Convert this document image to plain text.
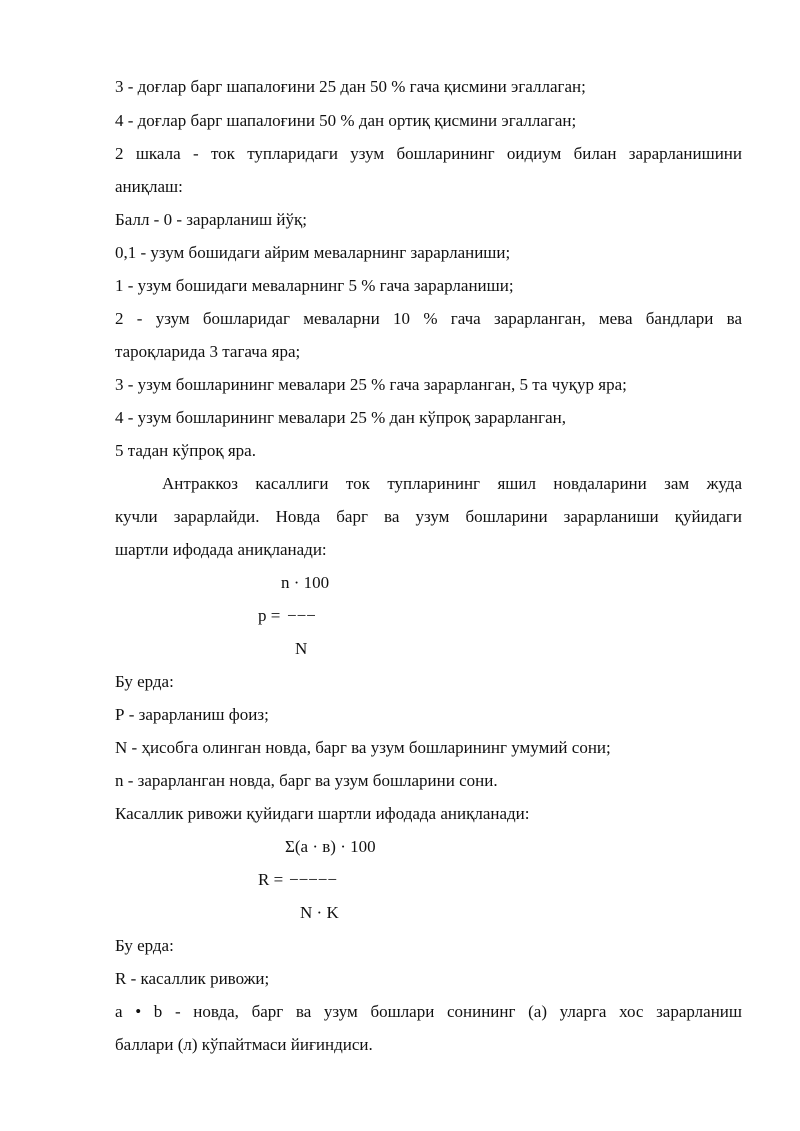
3 - доғлар барг шапалоғини 25 дан 50 % гача қисмини эгаллаган;
4 - доғлар барг шапалоғини 50 % дан ортиқ қисмини эгаллаган;
2 шкала - ток тупларидаги узум бошларининг оидиум билан зарарланишини
аниқлаш:
Балл - 0 - зарарланиш йўқ;
0,1 - узум бошидаги айрим меваларнинг зарарланиши;
1 - узум бошидаги меваларнинг 5 % гача зарарланиши;
2 - узум бошларидаг меваларни 10 % гача зарарланган, мева бандлари ва
тароқларида 3 тагача яра;
3 - узум бошларининг мевалари 25 % гача зарарланган, 5 та чуқур яра;
4 - узум бошларининг мевалари 25 % дан кўпроқ зарарланган,
5 тадан кўпроқ яра.
Антраккоз касаллиги ток тупларининг яшил новдаларини зам жуда
кучли зарарлайди. Новда барг ва узум бошларини зарарланиши қуйидаги
шартли ифодада аниқланади:
n · 100
p = −−−
N
Бу ерда:
Р - зарарланиш фоиз;
N - ҳисобга олинган новда, барг ва узум бошларининг умумий сони;
n - зарарланган новда, барг ва узум бошларини сони.
Касаллик ривожи қуйидаги шартли ифодада аниқланади:
Σ(a · в) · 100
R = −−−−−
N · K
Бу ерда:
R - касаллик ривожи;
a • b - новда, барг ва узум бошлари сонининг (а) уларга хос зарарланиш
баллари (л) кўпайтмаси йиғиндиси.
